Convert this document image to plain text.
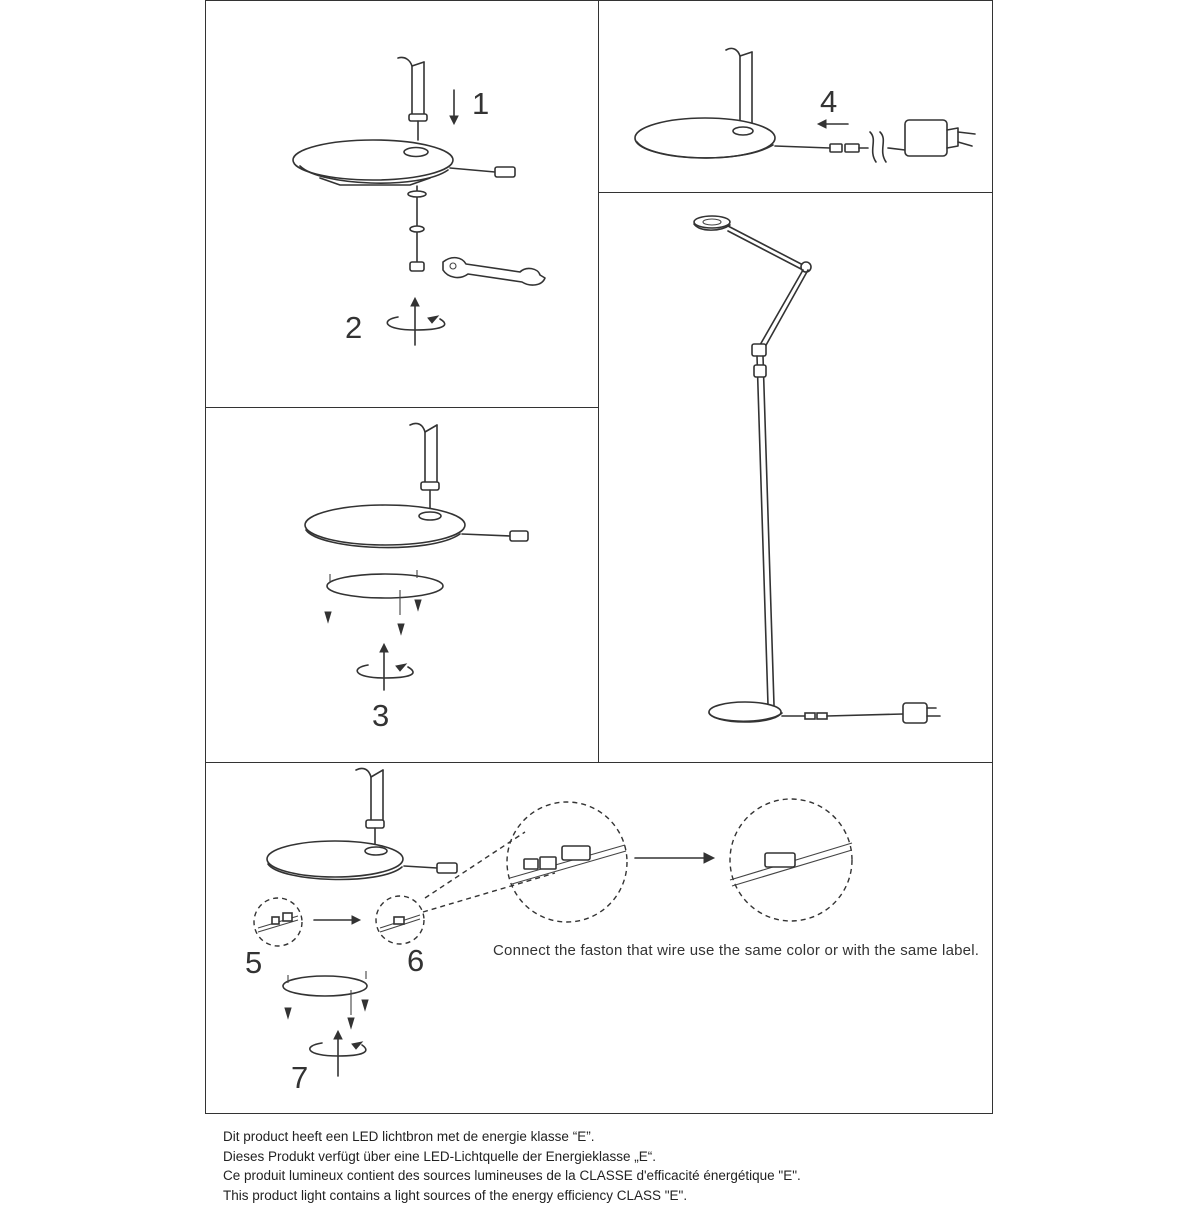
1
2
4
3
5	6
7
Connect the faston that wire use the same color or with the same label.
Dit product heeft een LED lichtbron met de energie klasse “E”.
Dieses Produkt verfügt über eine LED-Lichtquelle der Energieklasse „E“.
Ce produit lumineux contient des sources lumineuses de la CLASSE d'efficacité énergétique "E".
This product light contains a light sources of the energy efficiency CLASS "E".
